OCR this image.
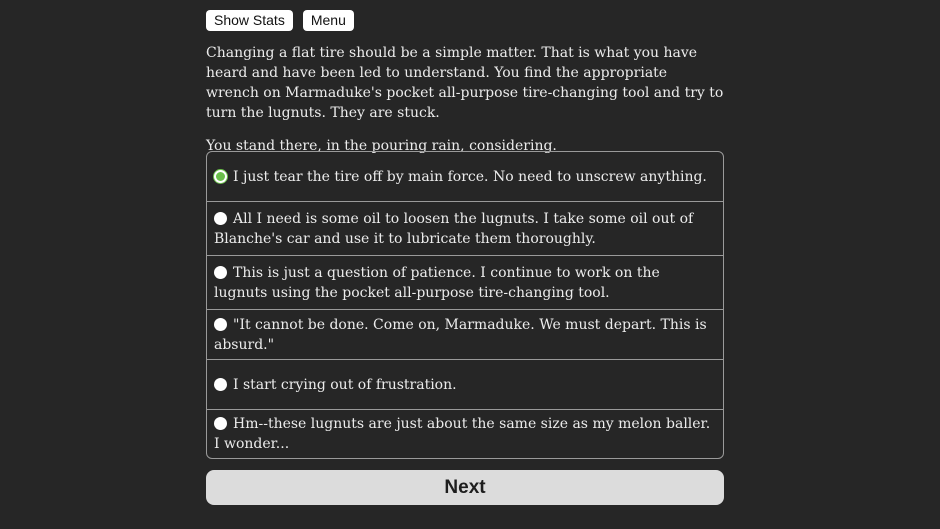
Show Stats	Menu

Changing a flat tire should be a simple matter. That is what you have heard and have been led to understand. You find the appropriate wrench on Marmaduke's pocket all-purpose tire-changing tool and try to turn the lugnuts. They are stuck.

You stand there, in the pouring rain, considering.

I just tear the tire off by main force. No need to unscrew anything.
All I need is some oil to loosen the lugnuts. I take some oil out of Blanche's car and use it to lubricate them thoroughly.
This is just a question of patience. I continue to work on the lugnuts using the pocket all-purpose tire-changing tool.
"It cannot be done. Come on, Marmaduke. We must depart. This is absurd."
I start crying out of frustration.
Hm--these lugnuts are just about the same size as my melon baller. I wonder...
Next
